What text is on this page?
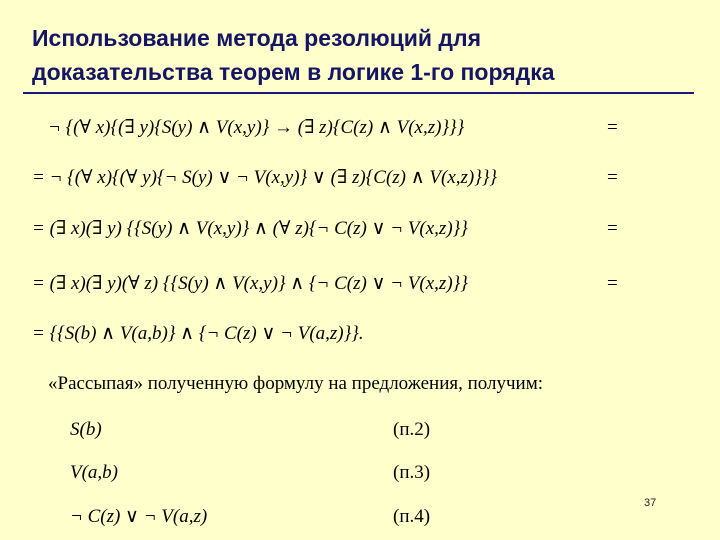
Использование метода резолюций для
доказательства теорем в логике 1-го порядка
¬ {(∀ x){(∃ y){S(y) ∧ V(x,y)} → (∃ z){C(z) ∧ V(x,z)}}}	=
= ¬ {(∀ x){(∀ y){¬ S(y) ∨ ¬ V(x,y)} ∨ (∃ z){C(z) ∧ V(x,z)}}}	=
= (∃ x)(∃ y) {{S(y) ∧ V(x,y)} ∧ (∀ z){¬ C(z) ∨ ¬ V(x,z)}}	=
= (∃ x)(∃ y)(∀ z) {{S(y) ∧ V(x,y)} ∧ {¬ C(z) ∨ ¬ V(x,z)}}	=
= {{S(b) ∧ V(a,b)} ∧ {¬ C(z) ∨ ¬ V(a,z)}}.
«Рассыпая» полученную формулу на предложения, получим:
S(b)	(п.2)
V(a,b)	(п.3)
¬ C(z) ∨ ¬ V(a,z)	(п.4)
37
